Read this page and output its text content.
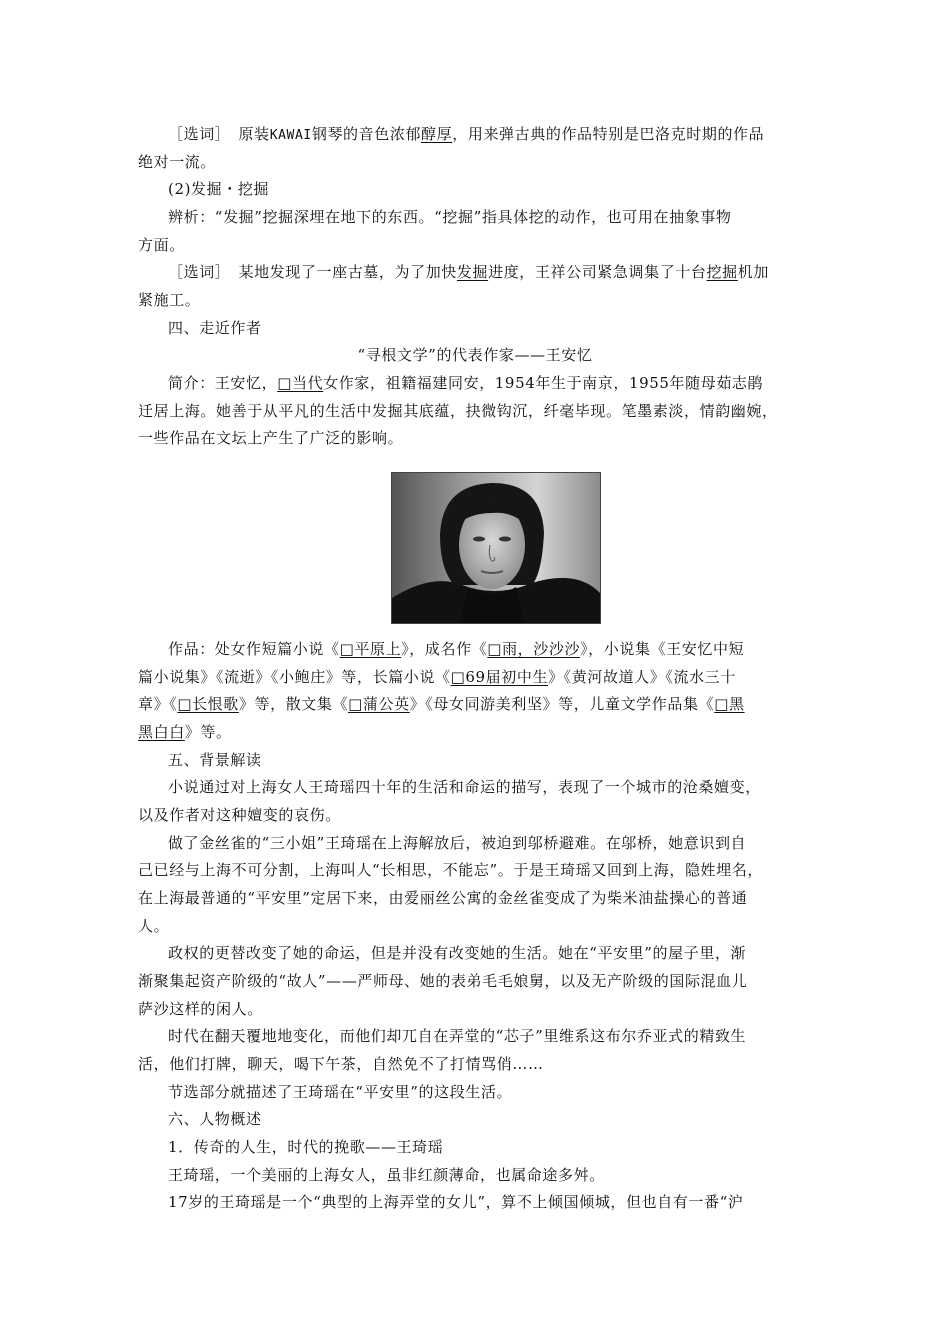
［选词］　原装KAWAI钢琴的音色浓郁醇厚，用来弹古典的作品特别是巴洛克时期的作品
绝对一流。
(2)发掘・挖掘
辨析：“发掘”挖掘深埋在地下的东西。“挖掘”指具体挖的动作，也可用在抽象事物
方面。
［选词］　某地发现了一座古墓，为了加快发掘进度，王祥公司紧急调集了十台挖掘机加
紧施工。
四、走近作者
“寻根文学”的代表作家——王安忆
简介：王安忆，□当代女作家，祖籍福建同安，1954年生于南京，1955年随母茹志鹃
迁居上海。她善于从平凡的生活中发掘其底蕴，抉微钩沉，纤毫毕现。笔墨素淡，情韵幽婉，
一些作品在文坛上产生了广泛的影响。
作品：处女作短篇小说《□平原上》，成名作《□雨，沙沙沙》，小说集《王安忆中短
篇小说集》《流逝》《小鲍庄》等，长篇小说《□69届初中生》《黄河故道人》《流水三十
章》《□长恨歌》等，散文集《□蒲公英》《母女同游美利坚》等，儿童文学作品集《□黑
黑白白》等。
五、背景解读
小说通过对上海女人王琦瑶四十年的生活和命运的描写，表现了一个城市的沧桑嬗变，
以及作者对这种嬗变的哀伤。
做了金丝雀的“三小姐”王琦瑶在上海解放后，被迫到邬桥避难。在邬桥，她意识到自
己已经与上海不可分割，上海叫人“长相思，不能忘”。于是王琦瑶又回到上海，隐姓埋名，
在上海最普通的“平安里”定居下来，由爱丽丝公寓的金丝雀变成了为柴米油盐操心的普通
人。
政权的更替改变了她的命运，但是并没有改变她的生活。她在“平安里”的屋子里，渐
渐聚集起资产阶级的“故人”——严师母、她的表弟毛毛娘舅，以及无产阶级的国际混血儿
萨沙这样的闲人。
时代在翻天覆地地变化，而他们却兀自在弄堂的“芯子”里维系这布尔乔亚式的精致生
活，他们打牌，聊天，喝下午茶，自然免不了打情骂俏……
节选部分就描述了王琦瑶在“平安里”的这段生活。
六、人物概述
1．传奇的人生，时代的挽歌——王琦瑶
王琦瑶，一个美丽的上海女人，虽非红颜薄命，也属命途多舛。
17岁的王琦瑶是一个“典型的上海弄堂的女儿”，算不上倾国倾城，但也自有一番“沪
